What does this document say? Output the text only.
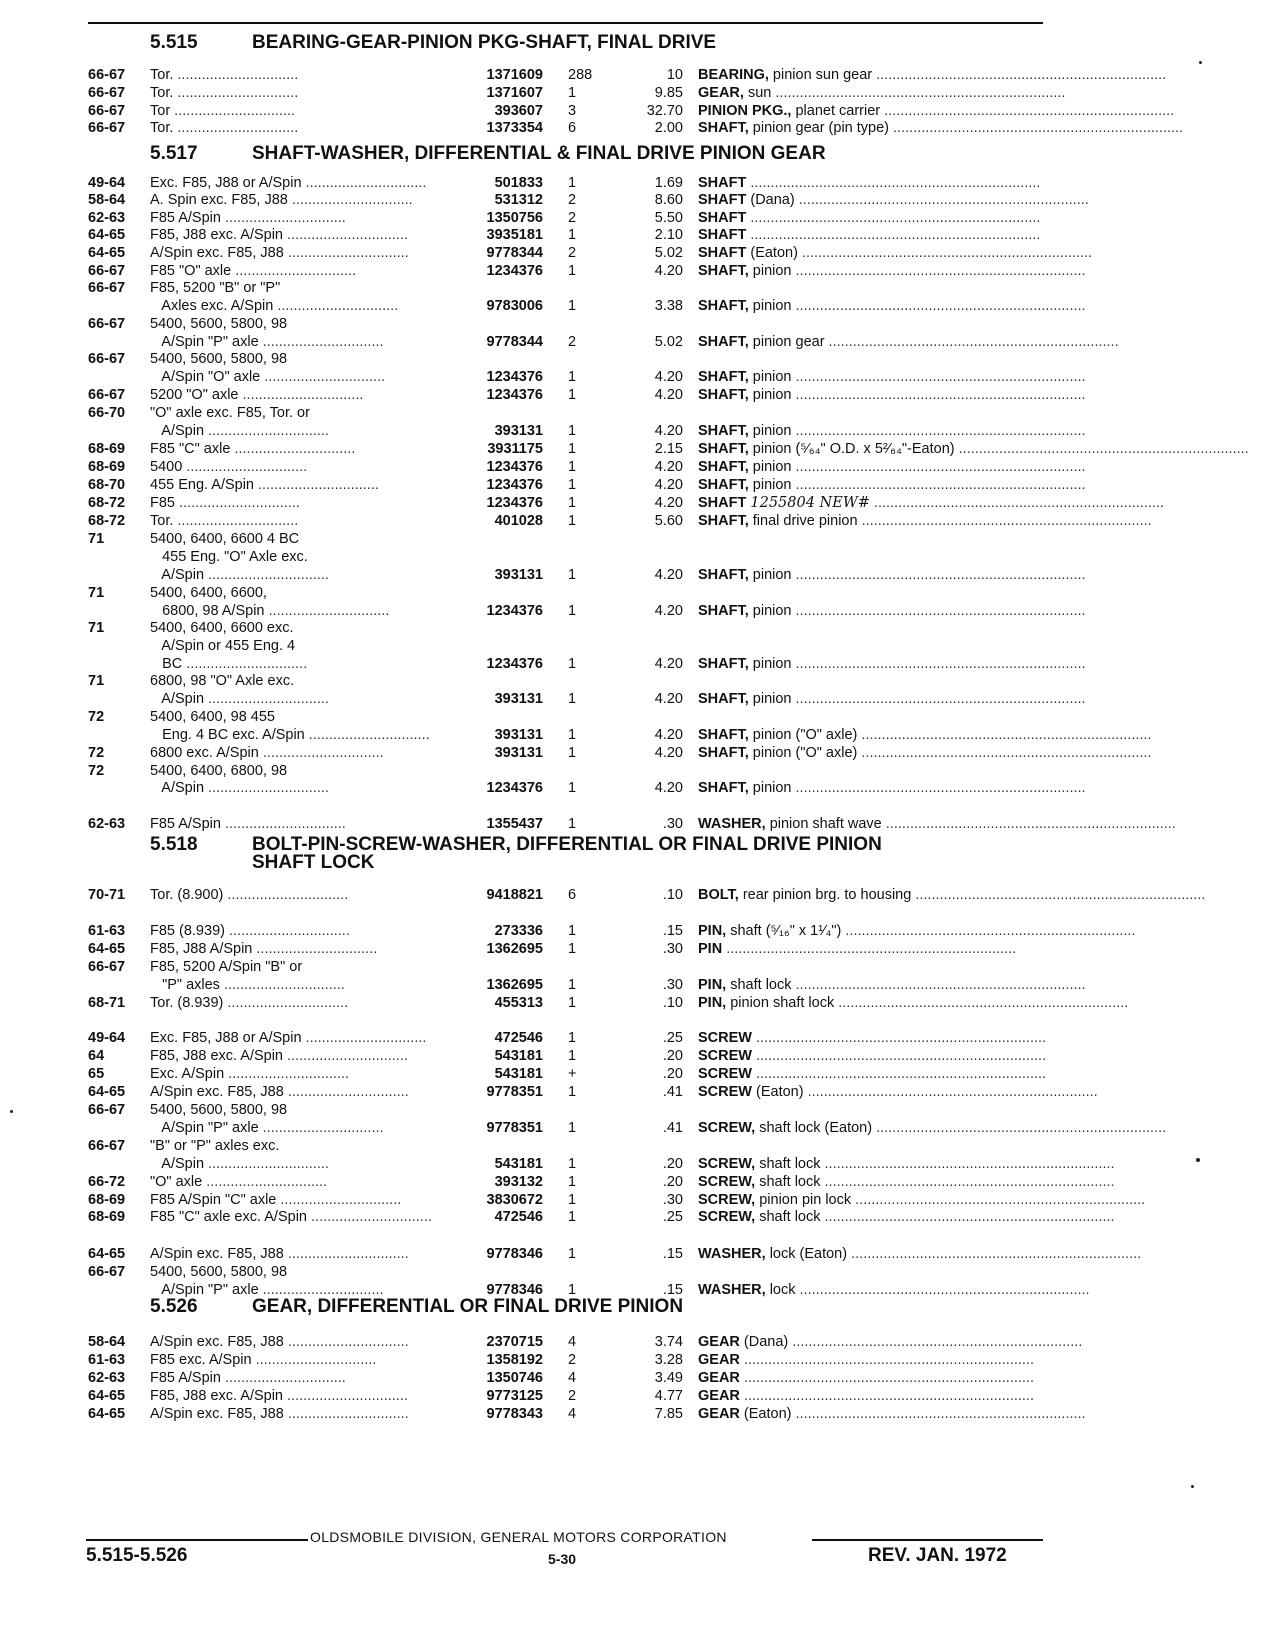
5.515	BEARING-GEAR-PINION PKG-SHAFT, FINAL DRIVE
66-67 Tor. ..............................	1371609 288	10 BEARING, pinion sun gear ........................................................................
66-67 Tor. ..............................	1371607 1	9.85 GEAR, sun ........................................................................
66-67 Tor ..............................	393607 3	32.70 PINION PKG., planet carrier ........................................................................
66-67 Tor. ..............................	1373354 6	2.00 SHAFT, pinion gear (pin type) ........................................................................
5.517	SHAFT-WASHER, DIFFERENTIAL & FINAL DRIVE PINION GEAR
49-64 Exc. F85, J88 or A/Spin ..............................	501833 1	1.69 SHAFT ........................................................................
58-64 A. Spin exc. F85, J88 ..............................	531312 2	8.60 SHAFT (Dana) ........................................................................
62-63 F85 A/Spin ..............................	1350756 2	5.50 SHAFT ........................................................................
64-65 F85, J88 exc. A/Spin ..............................	3935181 1	2.10 SHAFT ........................................................................
64-65 A/Spin exc. F85, J88 ..............................	9778344 2	5.02 SHAFT (Eaton) ........................................................................
66-67 F85 "O" axle ..............................	1234376 1	4.20 SHAFT, pinion ........................................................................
66-67 F85, 5200 "B" or "P"
Axles exc. A/Spin ..............................	9783006 1	3.38 SHAFT, pinion ........................................................................
66-67 5400, 5600, 5800, 98
A/Spin "P" axle ..............................	9778344 2	5.02 SHAFT, pinion gear ........................................................................
66-67 5400, 5600, 5800, 98
A/Spin "O" axle ..............................	1234376 1	4.20 SHAFT, pinion ........................................................................
66-67 5200 "O" axle ..............................	1234376 1	4.20 SHAFT, pinion ........................................................................
66-70 "O" axle exc. F85, Tor. or
A/Spin ..............................	393131 1	4.20 SHAFT, pinion ........................................................................
68-69 F85 "C" axle ..............................	3931175 1	2.15 SHAFT, pinion (⁵⁄₆₄" O.D. x 5²⁄₆₄"-Eaton) ........................................................................
68-69 5400 ..............................	1234376 1	4.20 SHAFT, pinion ........................................................................
68-70 455 Eng. A/Spin ..............................	1234376 1	4.20 SHAFT, pinion ........................................................................
68-72 F85 ..............................	1234376 1	4.20 SHAFT 1255804 NEW# ........................................................................
68-72 Tor. ..............................	401028 1	5.60 SHAFT, final drive pinion ........................................................................
71	5400, 6400, 6600 4 BC
455 Eng. "O" Axle exc.
A/Spin ..............................	393131 1	4.20 SHAFT, pinion ........................................................................
71	5400, 6400, 6600,
6800, 98 A/Spin ..............................	1234376 1	4.20 SHAFT, pinion ........................................................................
71	5400, 6400, 6600 exc.
A/Spin or 455 Eng. 4
BC ..............................	1234376 1	4.20 SHAFT, pinion ........................................................................
71	6800, 98 "O" Axle exc.
A/Spin ..............................	393131 1	4.20 SHAFT, pinion ........................................................................
72	5400, 6400, 98 455
Eng. 4 BC exc. A/Spin ..............................	393131 1	4.20 SHAFT, pinion ("O" axle) ........................................................................
72	6800 exc. A/Spin ..............................	393131 1	4.20 SHAFT, pinion ("O" axle) ........................................................................
72	5400, 6400, 6800, 98
A/Spin ..............................	1234376 1	4.20 SHAFT, pinion ........................................................................
62-63 F85 A/Spin ..............................	1355437 1	.30 WASHER, pinion shaft wave ........................................................................
5.518	BOLT-PIN-SCREW-WASHER, DIFFERENTIAL OR FINAL DRIVE PINION
SHAFT LOCK
70-71 Tor. (8.900) ..............................	9418821 6	.10 BOLT, rear pinion brg. to housing ........................................................................
61-63 F85 (8.939) ..............................	273336 1	.15 PIN, shaft (⁵⁄₁₆" x 1¹⁄₄") ........................................................................
64-65 F85, J88 A/Spin ..............................	1362695 1	.30 PIN ........................................................................
66-67 F85, 5200 A/Spin "B" or
"P" axles ..............................	1362695 1	.30 PIN, shaft lock ........................................................................
68-71 Tor. (8.939) ..............................	455313 1	.10 PIN, pinion shaft lock ........................................................................
49-64 Exc. F85, J88 or A/Spin ..............................	472546 1	.25 SCREW ........................................................................
64	F85, J88 exc. A/Spin ..............................	543181 1	.20 SCREW ........................................................................
65	Exc. A/Spin ..............................	543181 +	.20 SCREW ........................................................................
64-65 A/Spin exc. F85, J88 ..............................	9778351 1	.41 SCREW (Eaton) ........................................................................
66-67 5400, 5600, 5800, 98
A/Spin "P" axle ..............................	9778351 1	.41 SCREW, shaft lock (Eaton) ........................................................................
66-67 "B" or "P" axles exc.
A/Spin ..............................	543181 1	.20 SCREW, shaft lock ........................................................................
66-72 "O" axle ..............................	393132 1	.20 SCREW, shaft lock ........................................................................
68-69 F85 A/Spin "C" axle ..............................	3830672 1	.30 SCREW, pinion pin lock ........................................................................
68-69 F85 "C" axle exc. A/Spin ..............................	472546 1	.25 SCREW, shaft lock ........................................................................
64-65 A/Spin exc. F85, J88 ..............................	9778346 1	.15 WASHER, lock (Eaton) ........................................................................
66-67 5400, 5600, 5800, 98
A/Spin "P" axle ..............................	9778346 1	.15 WASHER, lock ........................................................................
5.526	GEAR, DIFFERENTIAL OR FINAL DRIVE PINION
58-64 A/Spin exc. F85, J88 ..............................	2370715 4	3.74 GEAR (Dana) ........................................................................
61-63 F85 exc. A/Spin ..............................	1358192 2	3.28 GEAR ........................................................................
62-63 F85 A/Spin ..............................	1350746 4	3.49 GEAR ........................................................................
64-65 F85, J88 exc. A/Spin ..............................	9773125 2	4.77 GEAR ........................................................................
64-65 A/Spin exc. F85, J88 ..............................	9778343 4	7.85 GEAR (Eaton) ........................................................................
OLDSMOBILE DIVISION, GENERAL MOTORS CORPORATION
5.515-5.526	5-30	REV. JAN. 1972
